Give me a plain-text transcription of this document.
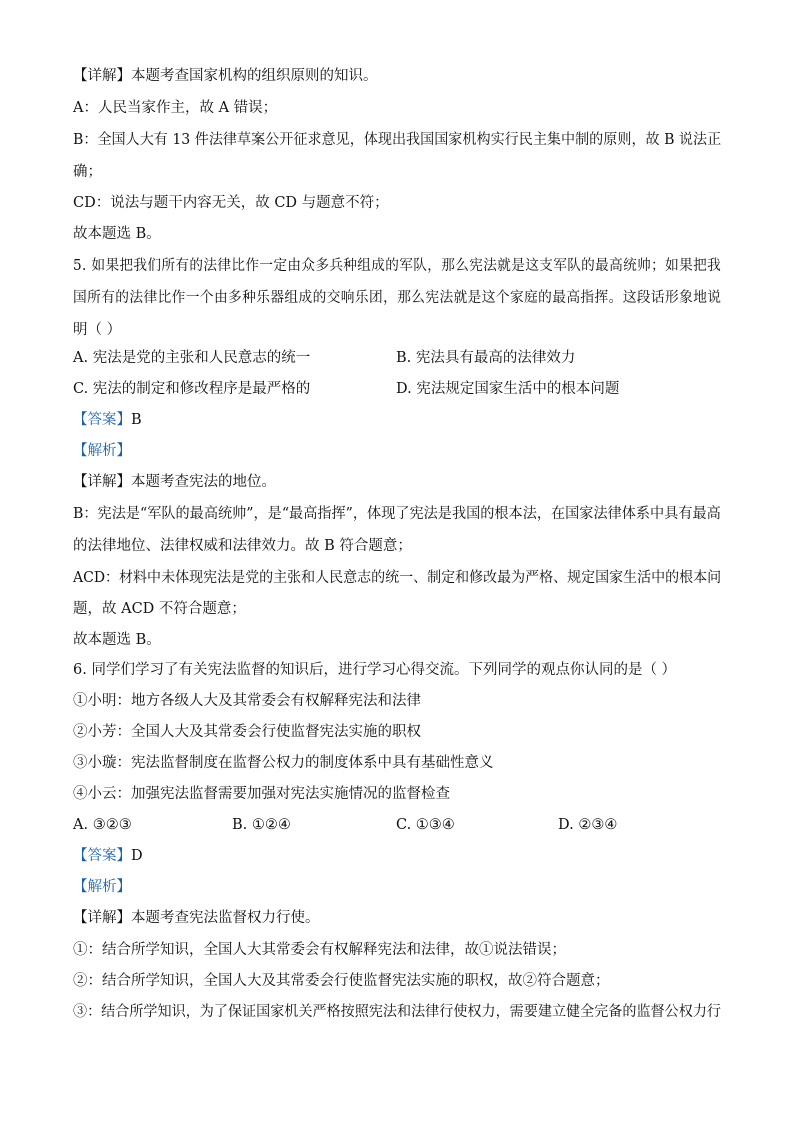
【详解】本题考查国家机构的组织原则的知识。
A：人民当家作主，故 A 错误；
B：全国人大有 13 件法律草案公开征求意见，体现出我国国家机构实行民主集中制的原则，故 B 说法正
确；
CD：说法与题干内容无关，故 CD 与题意不符；
故本题选 B。
5. 如果把我们所有的法律比作一定由众多兵种组成的军队，那么宪法就是这支军队的最高统帅；如果把我
国所有的法律比作一个由多种乐器组成的交响乐团，那么宪法就是这个家庭的最高指挥。这段话形象地说
明（ ）
A. 宪法是党的主张和人民意志的统一	B. 宪法具有最高的法律效力
C. 宪法的制定和修改程序是最严格的	D. 宪法规定国家生活中的根本问题
【答案】B
【解析】
【详解】本题考查宪法的地位。
B：宪法是“军队的最高统帅”，是“最高指挥”，体现了宪法是我国的根本法，在国家法律体系中具有最高
的法律地位、法律权威和法律效力。故 B 符合题意；
ACD：材料中未体现宪法是党的主张和人民意志的统一、制定和修改最为严格、规定国家生活中的根本问
题，故 ACD 不符合题意；
故本题选 B。
6. 同学们学习了有关宪法监督的知识后，进行学习心得交流。下列同学的观点你认同的是（ ）
①小明：地方各级人大及其常委会有权解释宪法和法律
②小芳：全国人大及其常委会行使监督宪法实施的职权
③小璇：宪法监督制度在监督公权力的制度体系中具有基础性意义
④小云：加强宪法监督需要加强对宪法实施情况的监督检查
A. ③②③	B. ①②④	C. ①③④	D. ②③④
【答案】D
【解析】
【详解】本题考查宪法监督权力行使。
①：结合所学知识，全国人大其常委会有权解释宪法和法律，故①说法错误；
②：结合所学知识，全国人大及其常委会行使监督宪法实施的职权，故②符合题意；
③：结合所学知识，为了保证国家机关严格按照宪法和法律行使权力，需要建立健全完备的监督公权力行
